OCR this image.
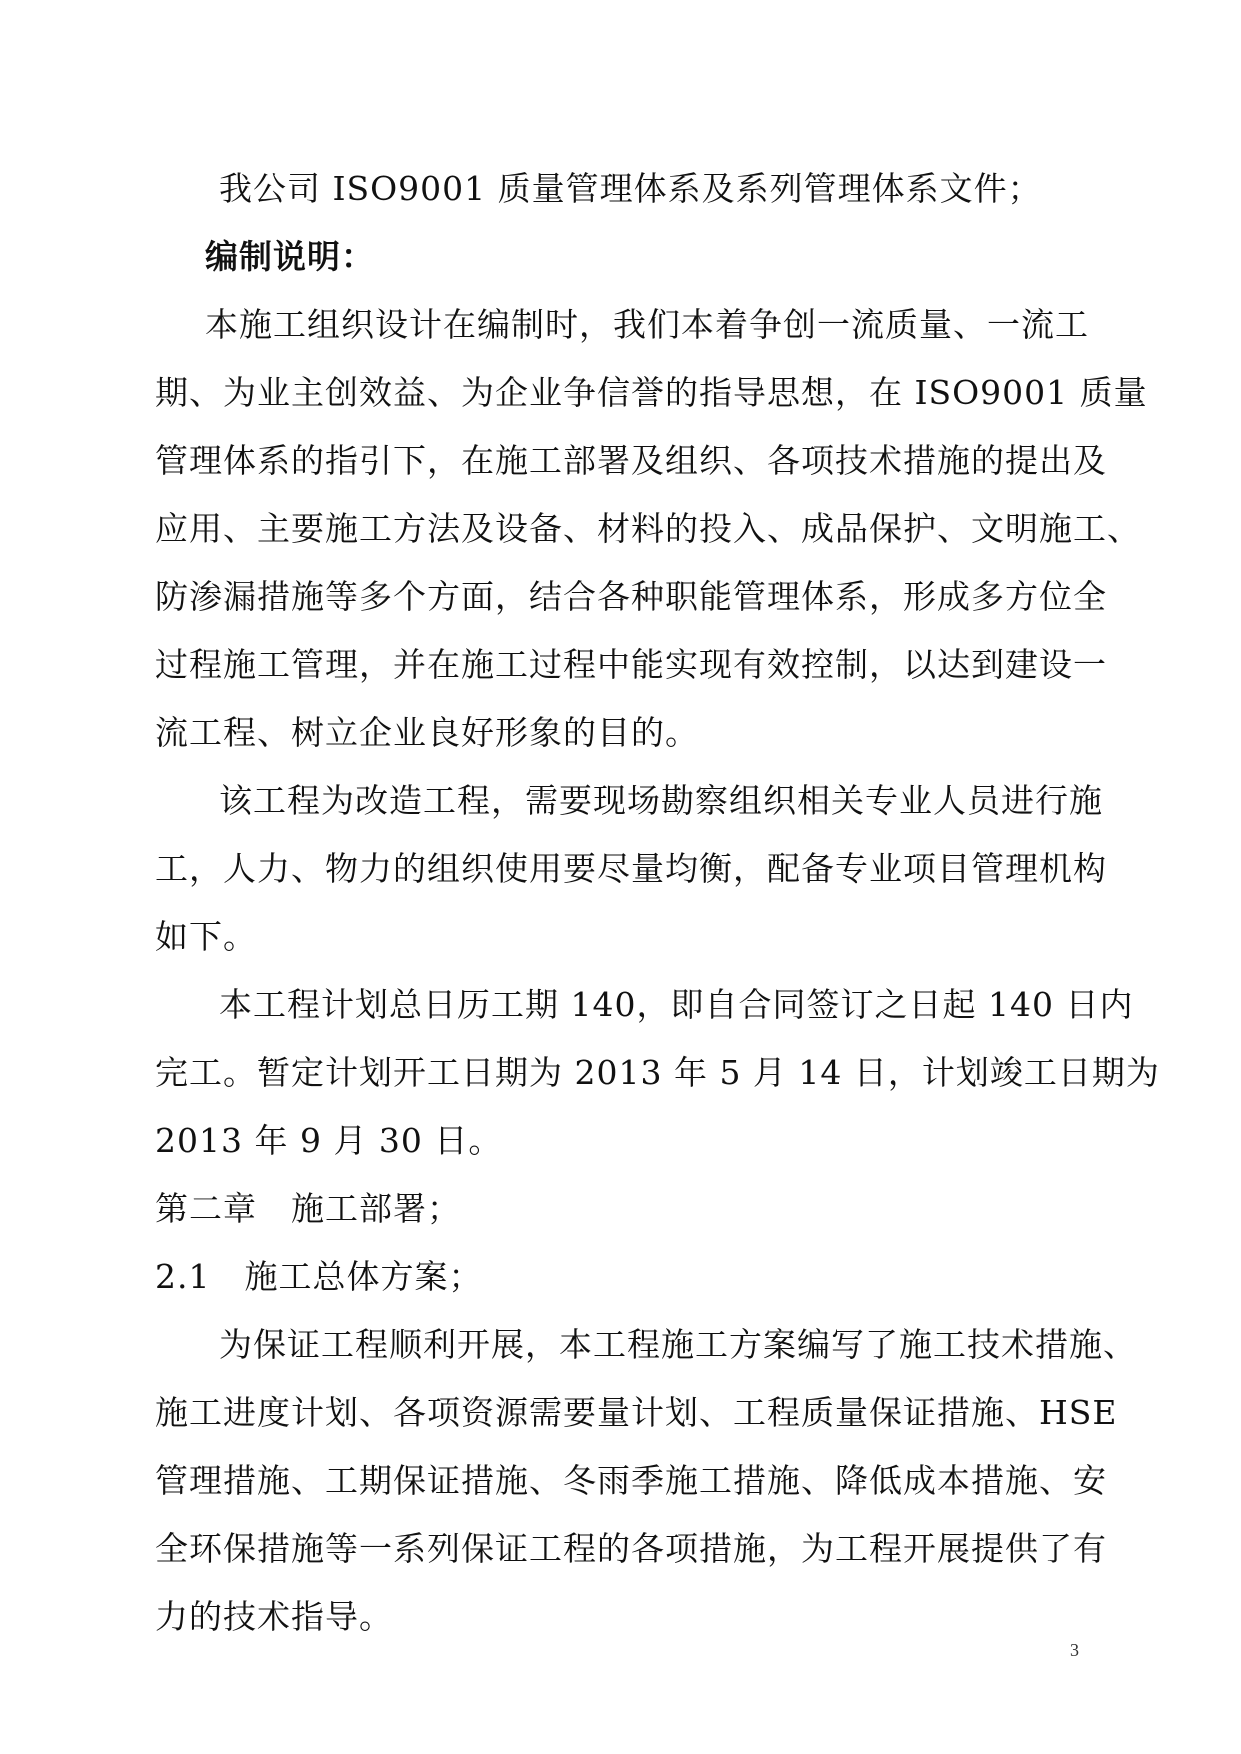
我公司 ISO9001 质量管理体系及系列管理体系文件；
编制说明：
本施工组织设计在编制时，我们本着争创一流质量、一流工
期、为业主创效益、为企业争信誉的指导思想，在 ISO9001 质量
管理体系的指引下，在施工部署及组织、各项技术措施的提出及
应用、主要施工方法及设备、材料的投入、成品保护、文明施工、
防渗漏措施等多个方面，结合各种职能管理体系，形成多方位全
过程施工管理，并在施工过程中能实现有效控制，以达到建设一
流工程、树立企业良好形象的目的。
该工程为改造工程，需要现场勘察组织相关专业人员进行施
工，人力、物力的组织使用要尽量均衡，配备专业项目管理机构
如下。
本工程计划总日历工期 140，即自合同签订之日起 140 日内
完工。暂定计划开工日期为 2013 年 5 月 14 日，计划竣工日期为
2013 年 9 月 30 日。
第二章 施工部署；
2.1 施工总体方案；
为保证工程顺利开展，本工程施工方案编写了施工技术措施、
施工进度计划、各项资源需要量计划、工程质量保证措施、HSE
管理措施、工期保证措施、冬雨季施工措施、降低成本措施、安
全环保措施等一系列保证工程的各项措施，为工程开展提供了有
力的技术指导。
3
